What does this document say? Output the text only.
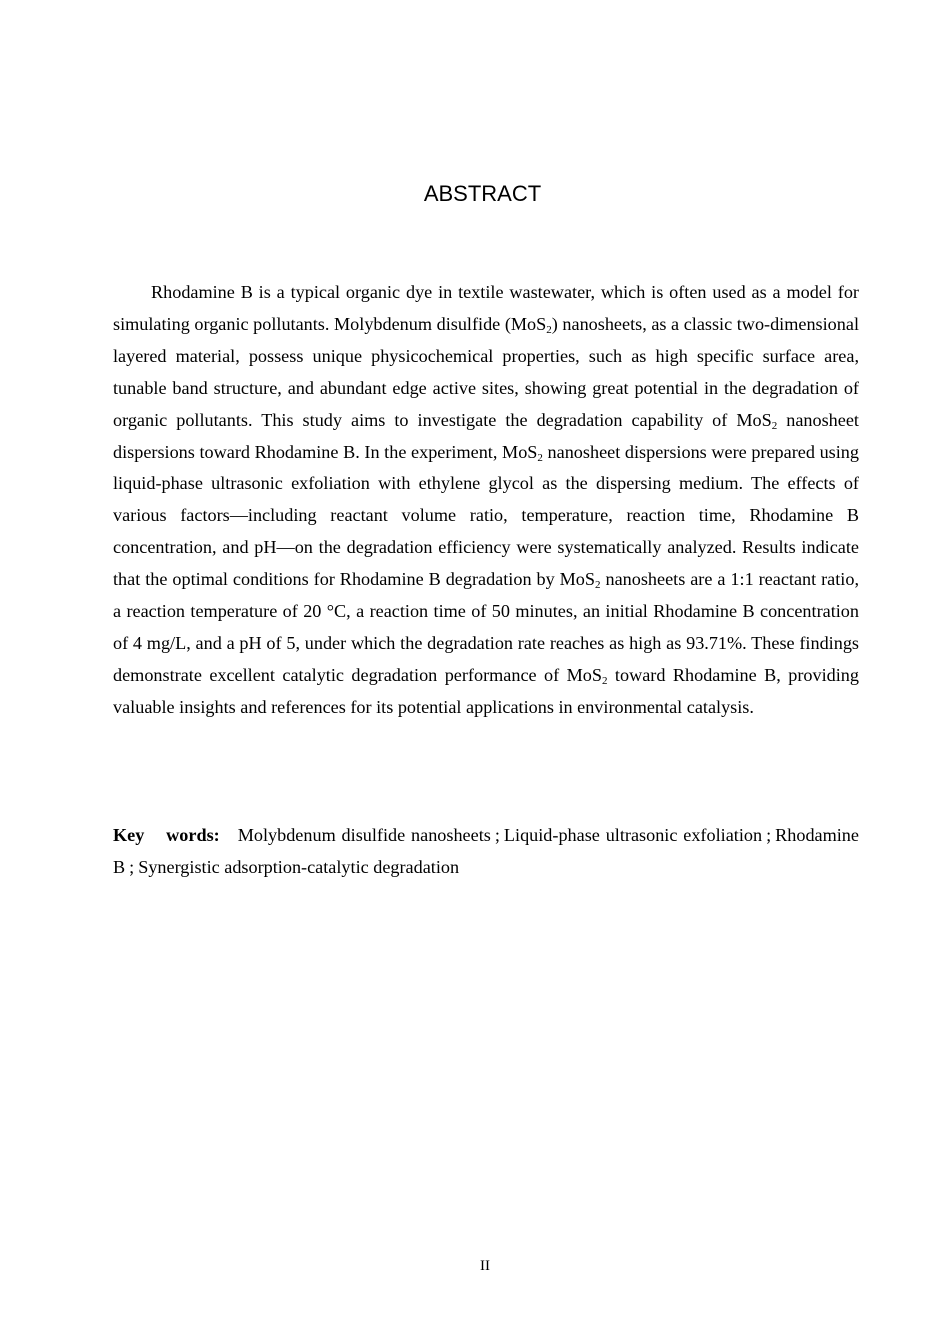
ABSTRACT

Rhodamine B is a typical organic dye in textile wastewater, which is often used as a model for simulating organic pollutants. Molybdenum disulfide (MoS$_2$) nanosheets, as a classic two-dimensional layered material, possess unique physicochemical properties, such as high specific surface area, tunable band structure, and abundant edge active sites, showing great potential in the degradation of organic pollutants. This study aims to investigate the degradation capability of MoS$_2$ nanosheet dispersions toward Rhodamine B. In the experiment, MoS$_2$ nanosheet dispersions were prepared using liquid-phase ultrasonic exfoliation with ethylene glycol as the dispersing medium. The effects of various factors—including reactant volume ratio, temperature, reaction time, Rhodamine B concentration, and pH—on the degradation efficiency were systematically analyzed. Results indicate that the optimal conditions for Rhodamine B degradation by MoS$_2$ nanosheets are a 1:1 reactant ratio, a reaction temperature of 20 °C, a reaction time of 50 minutes, an initial Rhodamine B concentration of 4 mg/L, and a pH of 5, under which the degradation rate reaches as high as 93.71%. These findings demonstrate excellent catalytic degradation performance of MoS$_2$ toward Rhodamine B, providing valuable insights and references for its potential applications in environmental catalysis.

Key words: Molybdenum disulfide nanosheets ; Liquid-phase ultrasonic exfoliation ; Rhodamine B ; Synergistic adsorption-catalytic degradation

II
